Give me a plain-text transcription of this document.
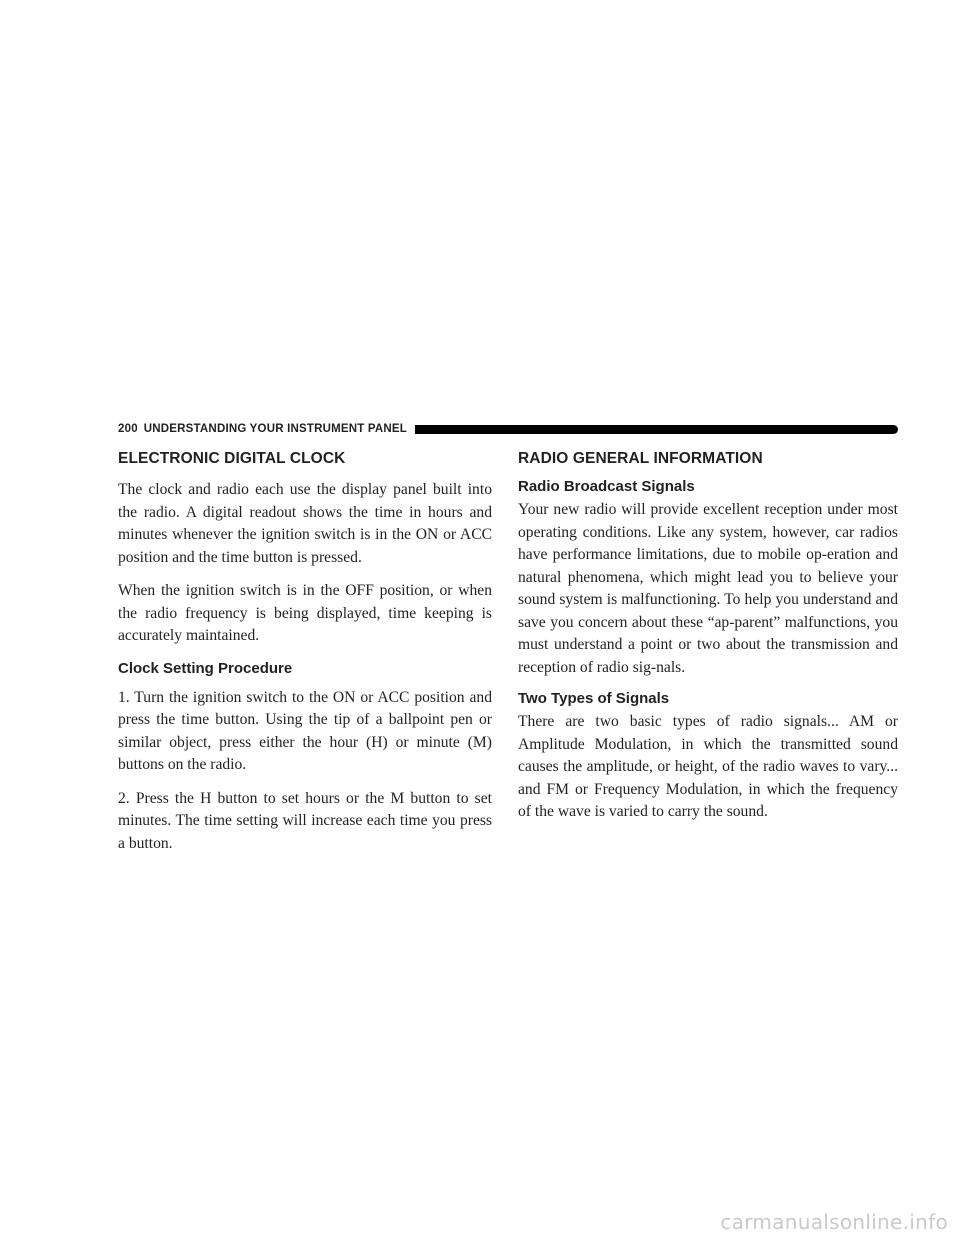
200 UNDERSTANDING YOUR INSTRUMENT PANEL
ELECTRONIC DIGITAL CLOCK

The clock and radio each use the display panel built into the radio. A digital readout shows the time in hours and minutes whenever the ignition switch is in the ON or ACC position and the time button is pressed.

When the ignition switch is in the OFF position, or when the radio frequency is being displayed, time keeping is accurately maintained.

Clock Setting Procedure

1. Turn the ignition switch to the ON or ACC position and press the time button. Using the tip of a ballpoint pen or similar object, press either the hour (H) or minute (M) buttons on the radio.

2. Press the H button to set hours or the M button to set minutes. The time setting will increase each time you press a button.

RADIO GENERAL INFORMATION
Radio Broadcast Signals

Your new radio will provide excellent reception under most operating conditions. Like any system, however, car radios have performance limitations, due to mobile op-eration and natural phenomena, which might lead you to believe your sound system is malfunctioning. To help you understand and save you concern about these “ap-parent” malfunctions, you must understand a point or two about the transmission and reception of radio sig-nals.

Two Types of Signals

There are two basic types of radio signals... AM or Amplitude Modulation, in which the transmitted sound causes the amplitude, or height, of the radio waves to vary... and FM or Frequency Modulation, in which the frequency of the wave is varied to carry the sound.

carmanualsonline.info
